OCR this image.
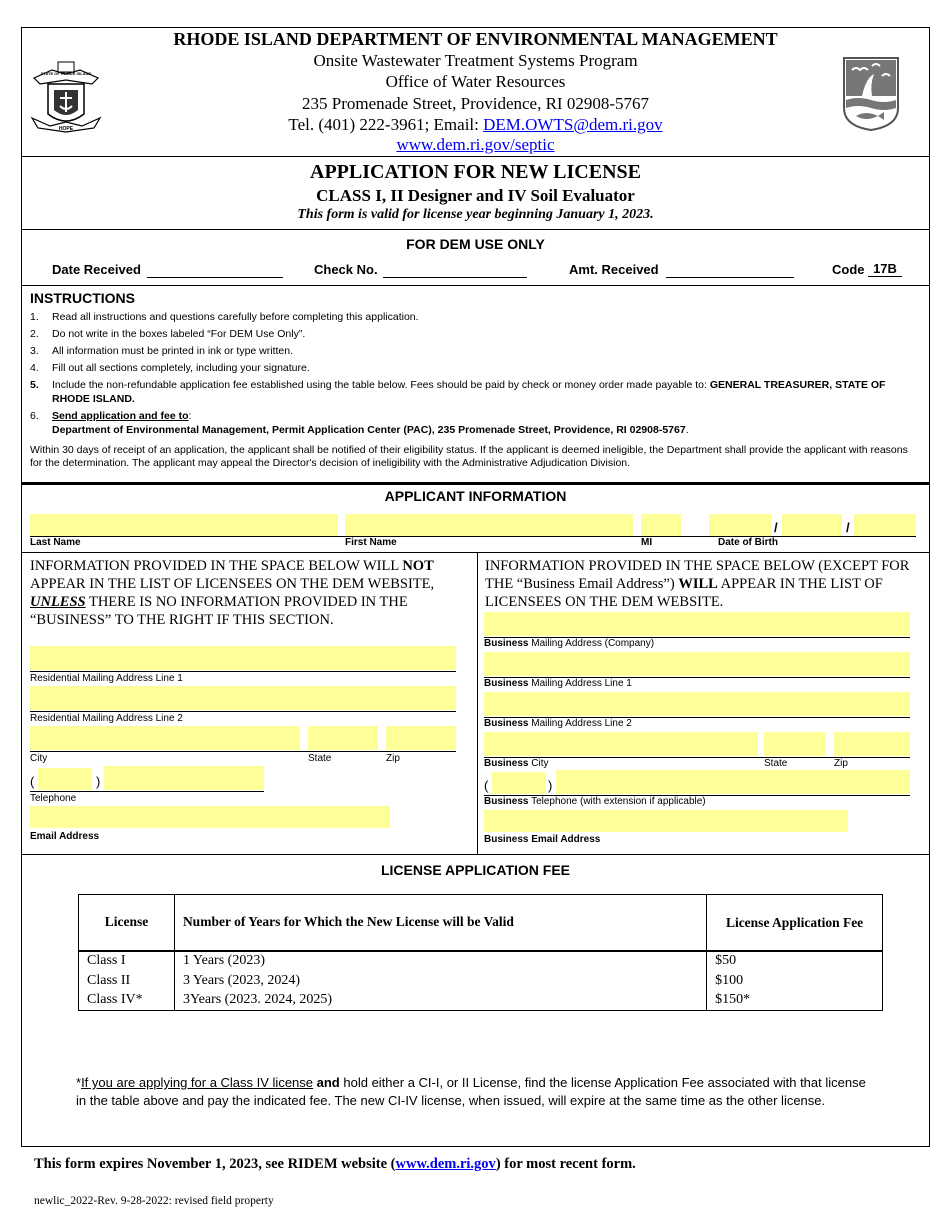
STATE OF RHODE ISLAND
HOPE
RHODE ISLAND DEPARTMENT OF ENVIRONMENTAL MANAGEMENT
Onsite Wastewater Treatment Systems Program
Office of Water Resources
235 Promenade Street, Providence, RI 02908-5767
Tel. (401) 222-3961; Email: DEM.OWTS@dem.ri.gov
www.dem.ri.gov/septic
APPLICATION FOR NEW LICENSE
CLASS I, II Designer and IV Soil Evaluator
This form is valid for license year beginning January 1, 2023.
FOR DEM USE ONLY
Date Received	Check No.	Amt. Received	Code 17B
INSTRUCTIONS
1. Read all instructions and questions carefully before completing this application.
2. Do not write in the boxes labeled “For DEM Use Only”.
3. All information must be printed in ink or type written.
4. Fill out all sections completely, including your signature.
5. Include the non-refundable application fee established using the table below. Fees should be paid by check or money order made payable to: GENERAL TREASURER, STATE OF RHODE ISLAND.
6. Send application and fee to:
Department of Environmental Management, Permit Application Center (PAC), 235 Promenade Street, Providence, RI 02908-5767.
Within 30 days of receipt of an application, the applicant shall be notified of their eligibility status. If the applicant is deemed ineligible, the Department shall provide the applicant with reasons for the determination. The applicant may appeal the Director's decision of ineligibility with the Administrative Adjudication Division.
APPLICANT INFORMATION
/	/
Last Name	First Name	MI	Date of Birth
INFORMATION PROVIDED IN THE SPACE BELOW WILL NOT APPEAR IN THE LIST OF LICENSEES ON THE DEM WEBSITE, UNLESS THERE IS NO INFORMATION PROVIDED IN THE “BUSINESS” TO THE RIGHT IF THIS SECTION.
Residential Mailing Address Line 1
Residential Mailing Address Line 2
City	State	Zip
(	)
Telephone
Email Address
INFORMATION PROVIDED IN THE SPACE BELOW (EXCEPT FOR THE “Business Email Address”) WILL APPEAR IN THE LIST OF LICENSEES ON THE DEM WEBSITE.
Business Mailing Address (Company)
Business Mailing Address Line 1
Business Mailing Address Line 2
Business City	State	Zip
(	)
Business Telephone (with extension if applicable)
Business Email Address
LICENSE APPLICATION FEE
License	Number of Years for Which the New License will be Valid	License Application Fee
Class I	1 Years (2023)	$50
Class II	3 Years (2023, 2024)	$100
Class IV*	3Years (2023. 2024, 2025)	$150*
*If you are applying for a Class IV license and hold either a CI-I, or II License, find the license Application Fee associated with that license in the table above and pay the indicated fee. The new CI-IV license, when issued, will expire at the same time as the other license.
This form expires November 1, 2023, see RIDEM website (www.dem.ri.gov) for most recent form.
newlic_2022-Rev. 9-28-2022: revised field property
